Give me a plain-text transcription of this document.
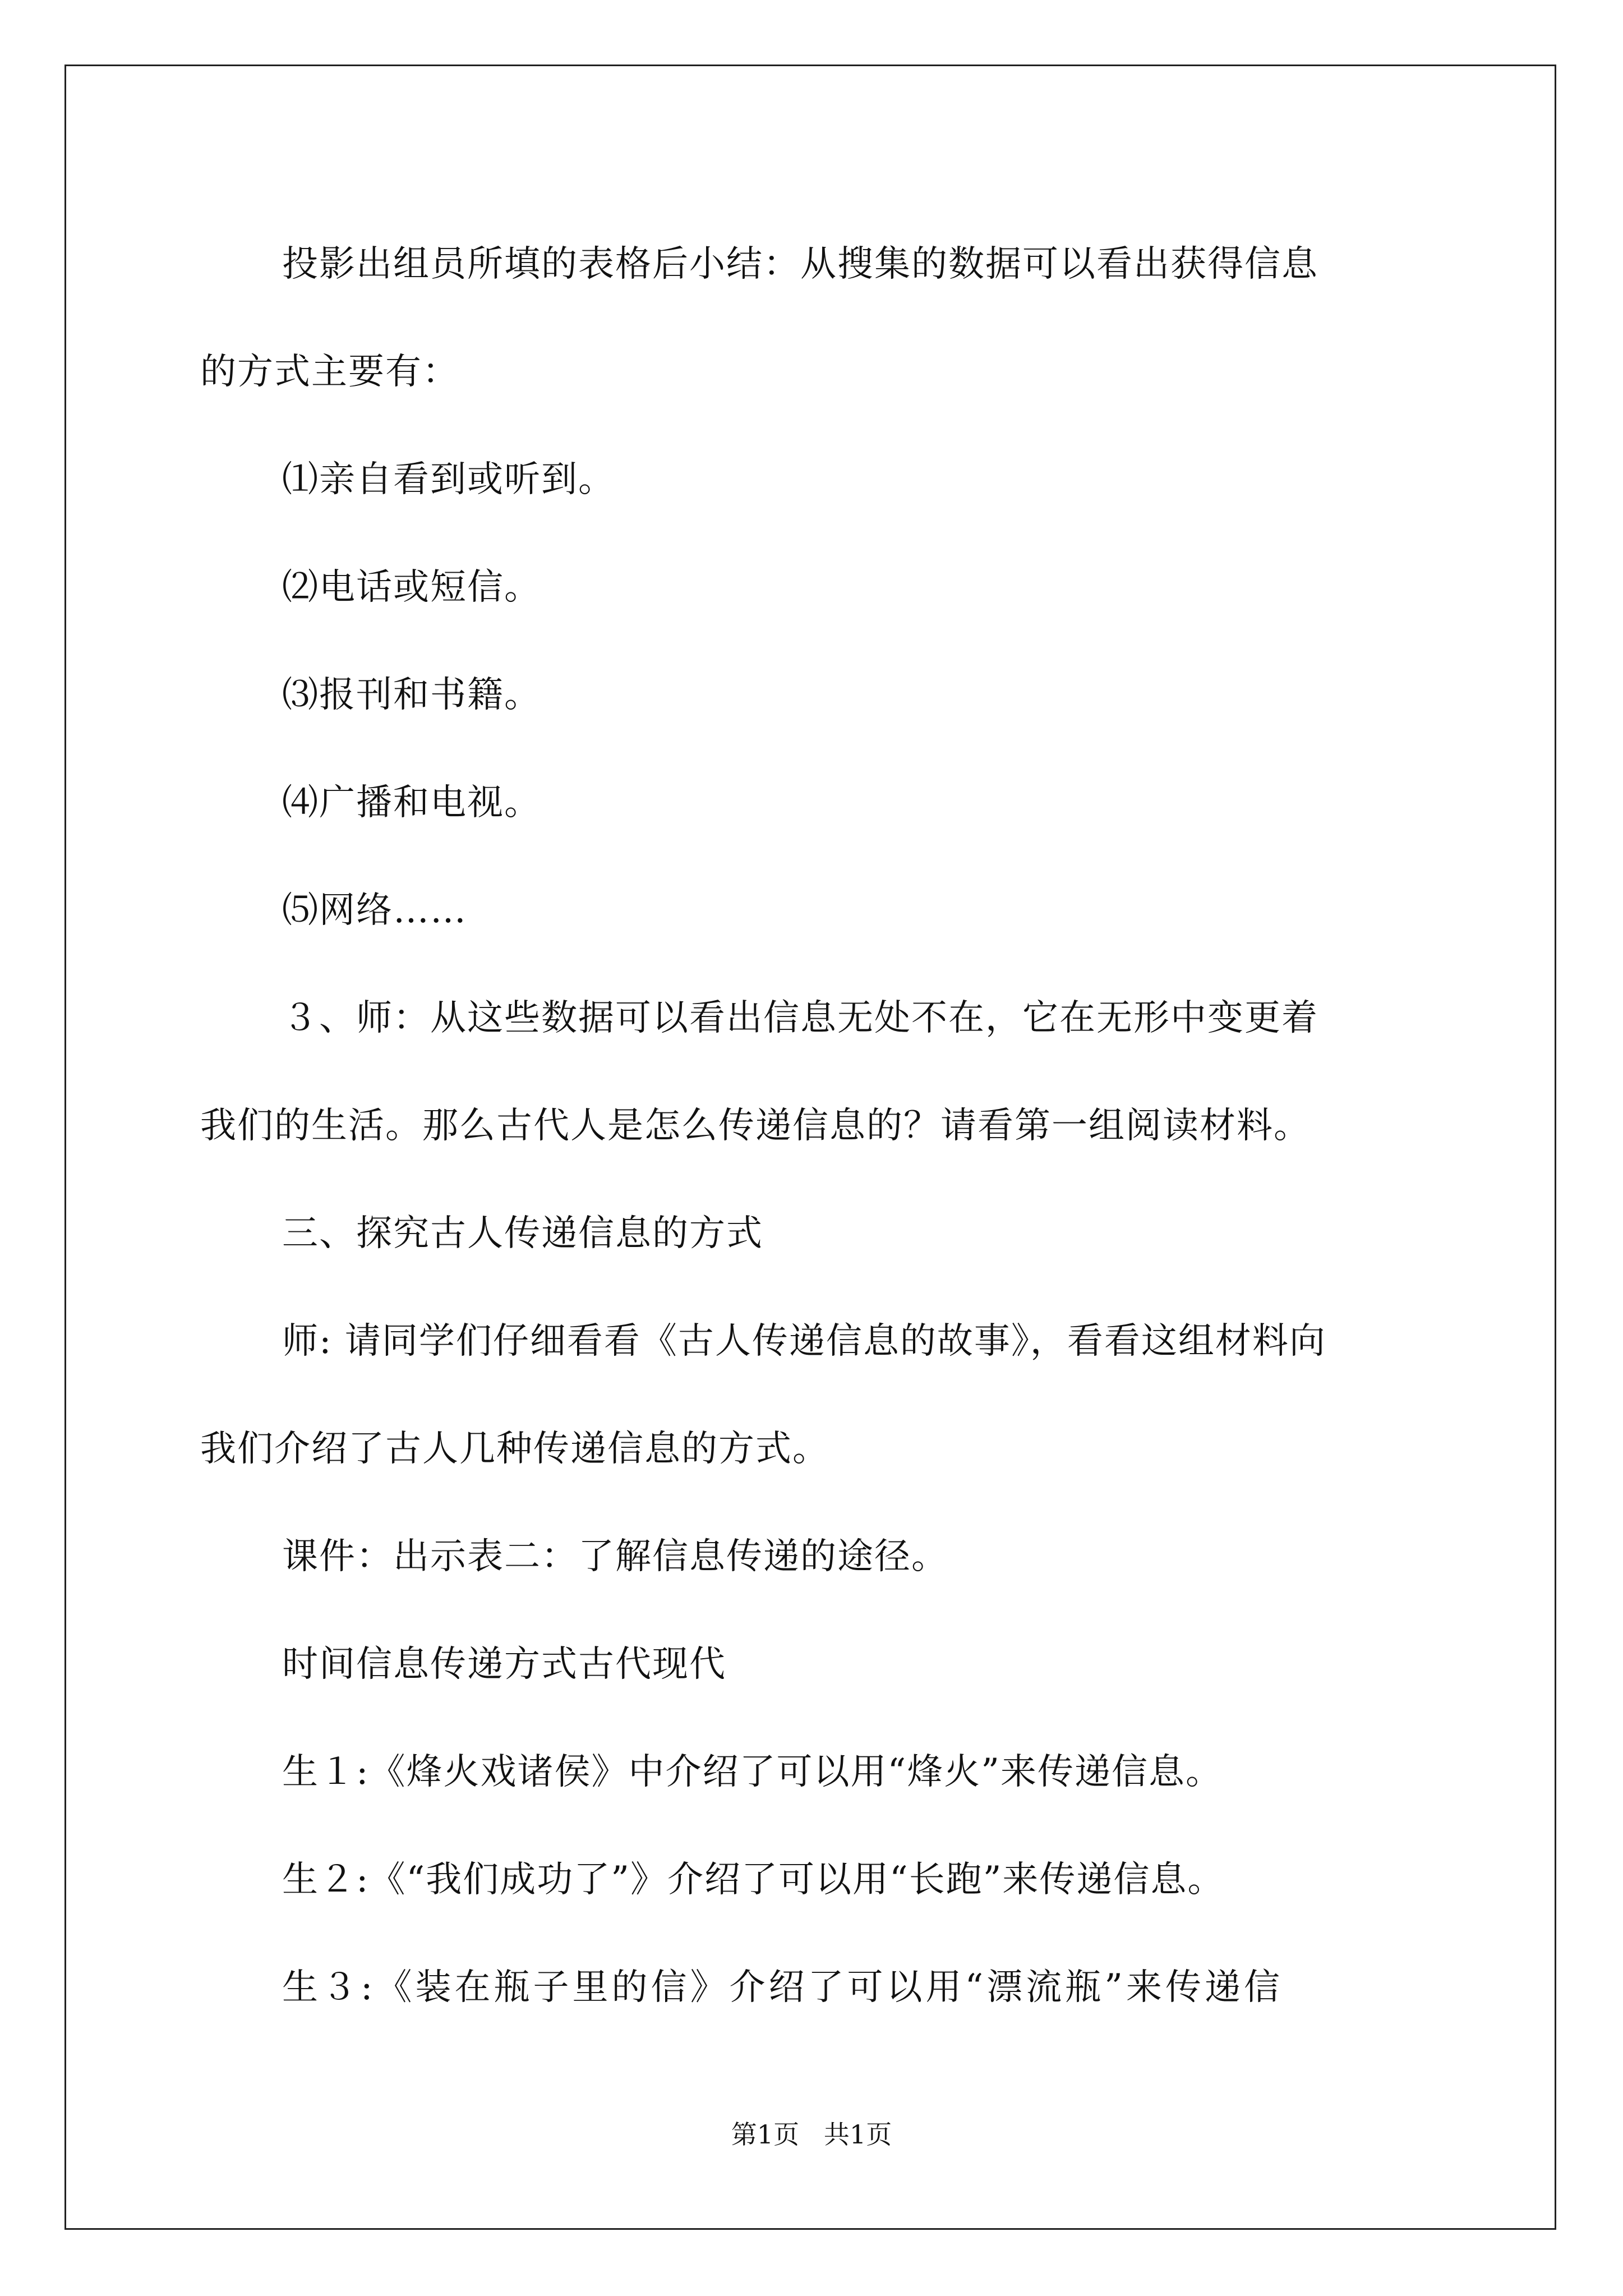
投影出组员所填的表格后小结：从搜集的数据可以看出获得信息

的方式主要有：

⑴亲自看到或听到。

⑵电话或短信。

⑶报刊和书籍。

⑷广播和电视。

⑸网络……

３、师：从这些数据可以看出信息无处不在，它在无形中变更着

我们的生活。那么古代人是怎么传递信息的？请看第一组阅读材料。

三、探究古人传递信息的方式

师: 请同学们仔细看看《古人传递信息的故事》，看看这组材料向

我们介绍了古人几种传递信息的方式。

课件：出示表二：了解信息传递的途径。

时间信息传递方式古代现代

生１:《烽火戏诸侯》中介绍了可以用“烽火”来传递信息。

生２:《“我们成功了”》介绍了可以用“长跑”来传递信息。

生３:《装在瓶子里的信》介绍了可以用“漂流瓶”来传递信

第1页   共1页
